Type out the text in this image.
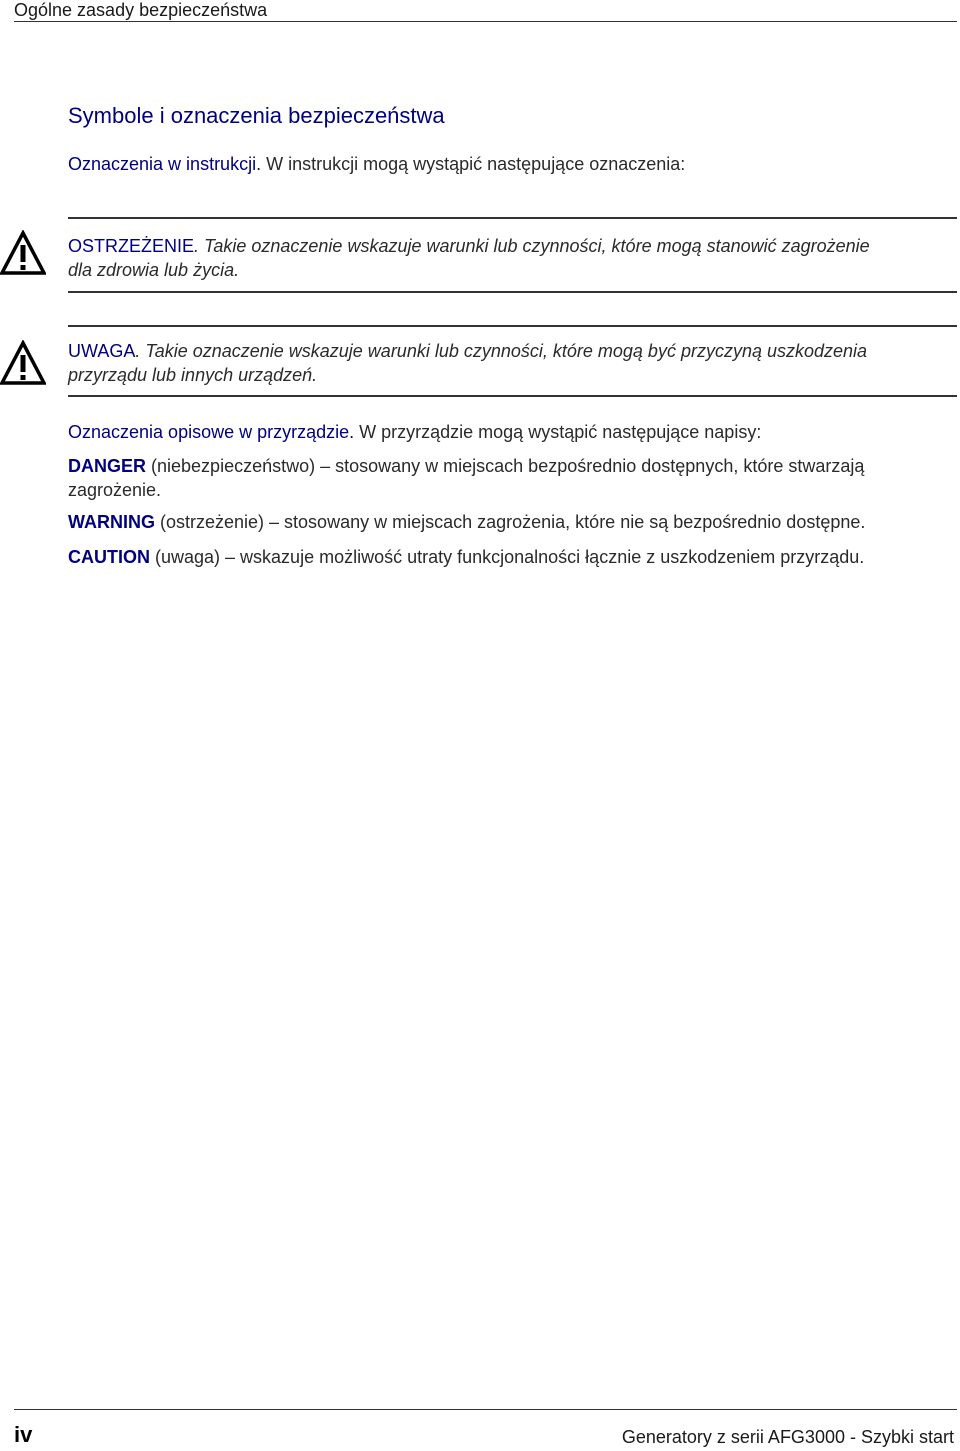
Ogólne zasady bezpieczeństwa
Symbole i oznaczenia bezpieczeństwa
Oznaczenia w instrukcji. W instrukcji mogą wystąpić następujące oznaczenia:
OSTRZEŻENIE. Takie oznaczenie wskazuje warunki lub czynności, które mogą stanowić zagrożenie
dla zdrowia lub życia.
UWAGA. Takie oznaczenie wskazuje warunki lub czynności, które mogą być przyczyną uszkodzenia
przyrządu lub innych urządzeń.
Oznaczenia opisowe w przyrządzie. W przyrządzie mogą wystąpić następujące napisy:
DANGER (niebezpieczeństwo) – stosowany w miejscach bezpośrednio dostępnych, które stwarzają
zagrożenie.
WARNING (ostrzeżenie) – stosowany w miejscach zagrożenia, które nie są bezpośrednio dostępne.
CAUTION (uwaga) – wskazuje możliwość utraty funkcjonalności łącznie z uszkodzeniem przyrządu.
iv	Generatory z serii AFG3000 - Szybki start
